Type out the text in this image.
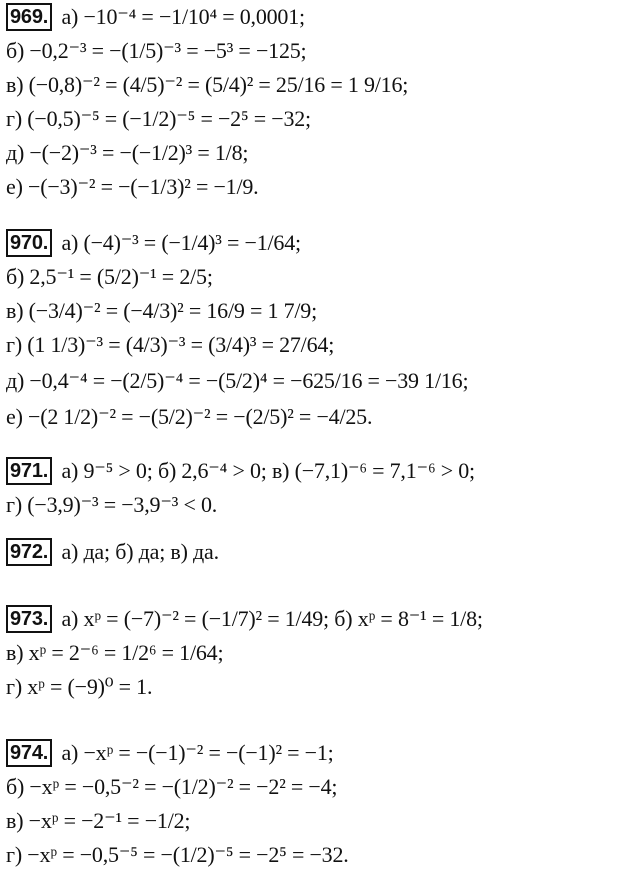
969. а) −10⁻⁴ = −1/10⁴ = 0,0001;
б) −0,2⁻³ = −(1/5)⁻³ = −5³ = −125;
в) (−0,8)⁻² = (4/5)⁻² = (5/4)² = 25/16 = 1 9/16;
г) (−0,5)⁻⁵ = (−1/2)⁻⁵ = −2⁵ = −32;
д) −(−2)⁻³ = −(−1/2)³ = 1/8;
е) −(−3)⁻² = −(−1/3)² = −1/9.
970. а) (−4)⁻³ = (−1/4)³ = −1/64;
б) 2,5⁻¹ = (5/2)⁻¹ = 2/5;
в) (−3/4)⁻² = (−4/3)² = 16/9 = 1 7/9;
г) (1 1/3)⁻³ = (4/3)⁻³ = (3/4)³ = 27/64;
д) −0,4⁻⁴ = −(2/5)⁻⁴ = −(5/2)⁴ = −625/16 = −39 1/16;
е) −(2 1/2)⁻² = −(5/2)⁻² = −(2/5)² = −4/25.
971. а) 9⁻⁵ > 0; б) 2,6⁻⁴ > 0; в) (−7,1)⁻⁶ = 7,1⁻⁶ > 0;
г) (−3,9)⁻³ = −3,9⁻³ < 0.
972. а) да; б) да; в) да.
973. а) xᵖ = (−7)⁻² = (−1/7)² = 1/49; б) xᵖ = 8⁻¹ = 1/8;
в) xᵖ = 2⁻⁶ = 1/2⁶ = 1/64;
г) xᵖ = (−9)⁰ = 1.
974. а) −xᵖ = −(−1)⁻² = −(−1)² = −1;
б) −xᵖ = −0,5⁻² = −(1/2)⁻² = −2² = −4;
в) −xᵖ = −2⁻¹ = −1/2;
г) −xᵖ = −0,5⁻⁵ = −(1/2)⁻⁵ = −2⁵ = −32.
